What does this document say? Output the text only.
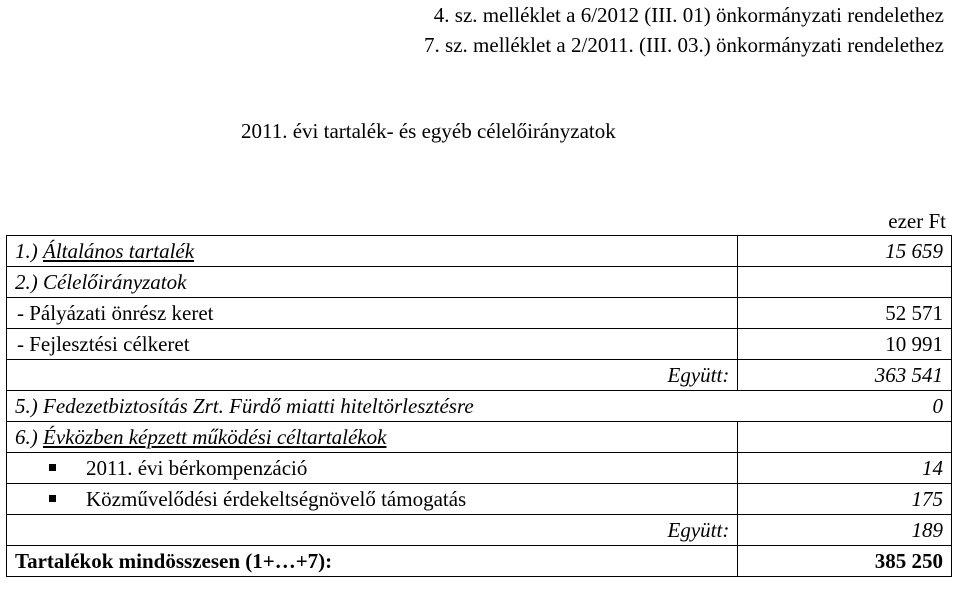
4. sz. melléklet a 6/2012 (III. 01) önkormányzati rendelethez
7. sz. melléklet a 2/2011. (III. 03.) önkormányzati rendelethez
2011. évi tartalék- és egyéb célelőirányzatok
ezer Ft
1.) Általános tartalék	15 659
2.) Célelőirányzatok	
- Pályázati önrész keret	52 571
- Fejlesztési célkeret	10 991
Együtt:	363 541
5.) Fedezetbiztosítás Zrt. Fürdő miatti hiteltörlesztésre	0
6.) Évközben képzett működési céltartalékok	
2011. évi bérkompenzáció	14
Közművelődési érdekeltségnövelő támogatás	175
Együtt:	189
Tartalékok mindösszesen (1+…+7):	385 250
